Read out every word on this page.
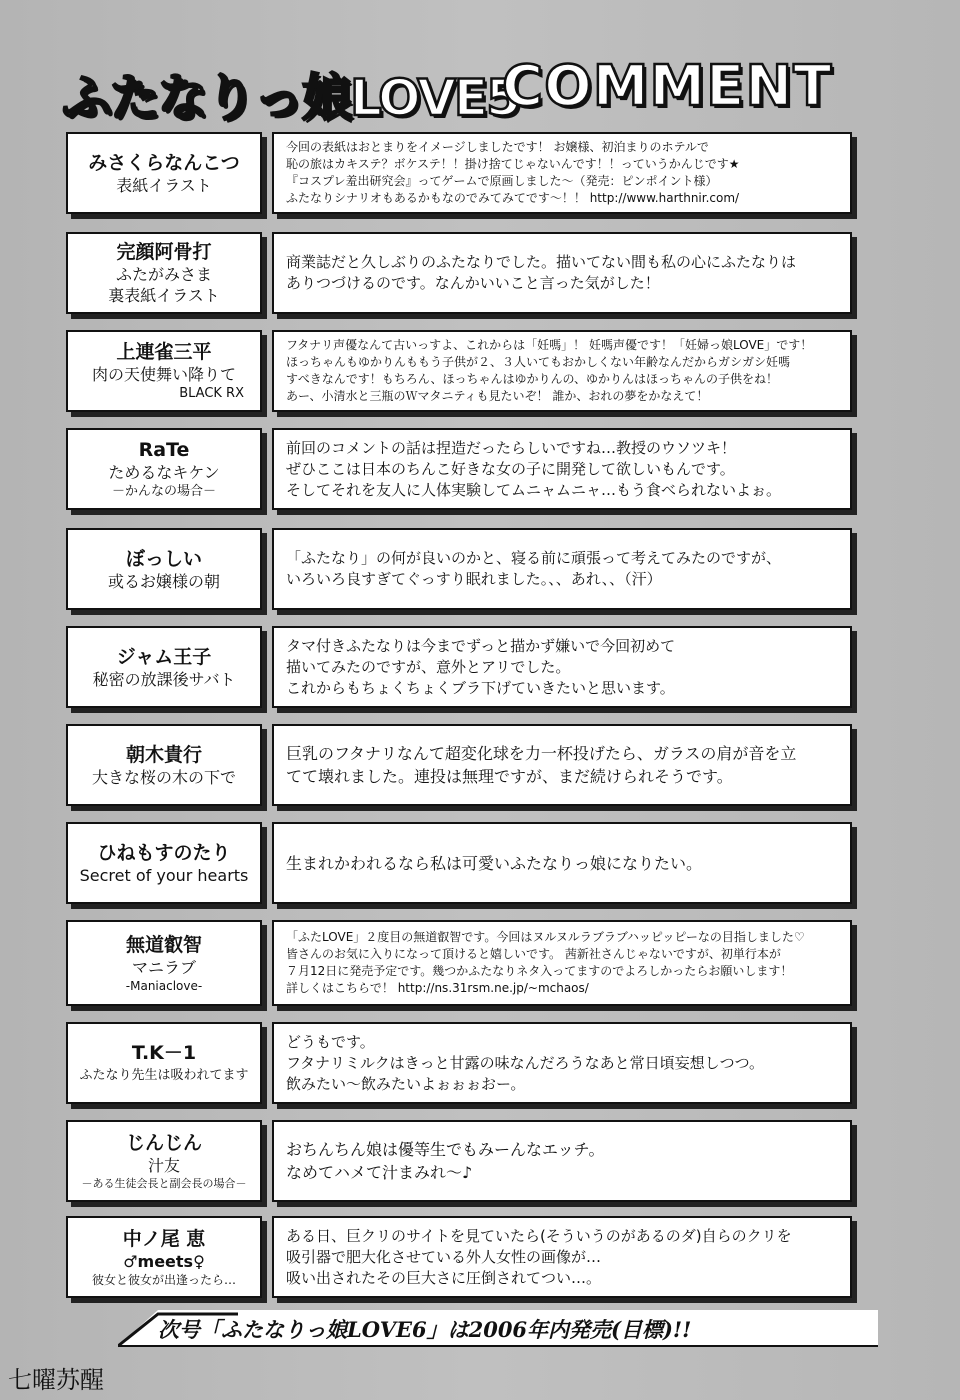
ふたなりっ娘LOVE5
COMMENT
みさくらなんこつ
表紙イラスト
今回の表紙はおとまりをイメージしましたです！ お嬢様、初泊まりのホテルで
恥の旅はカキステ？ボケステ！！掛け捨てじゃないんです！！っていうかんじです★
『コスプレ羞出研究会』ってゲームで原画しました～（発売：ピンポイント様）
ふたなりシナリオもあるかもなのでみてみてです～！！ http://www.harthnir.com/
完顔阿骨打
ふたがみさま
裏表紙イラスト
商業誌だと久しぶりのふたなりでした。描いてない間も私の心にふたなりは
ありつづけるのです。なんかいいこと言った気がした！
上連雀三平
肉の天使舞い降りて
BLACK RX
フタナリ声優なんて古いっすよ、これからは「妊嗎」！ 妊嗎声優です！「妊婦っ娘LOVE」です！
ほっちゃんもゆかりんももう子供が２、３人いてもおかしくない年齢なんだからガシガシ妊嗎
すべきなんです！もちろん、ほっちゃんはゆかりんの、ゆかりんはほっちゃんの子供をね！
あー、小清水と三瓶のＷマタニティも見たいぞ！ 誰か、おれの夢をかなえて！
RaTe
ためるなキケン
－かんなの場合－
前回のコメントの話は捏造だったらしいですね…教授のウソツキ！
ぜひここは日本のちんこ好きな女の子に開発して欲しいもんです。
そしてそれを友人に人体実験してムニャムニャ…もう食べられないよぉ。
ぼっしい
或るお嬢様の朝
「ふたなり」の何が良いのかと、寝る前に頑張って考えてみたのですが、
いろいろ良すぎてぐっすり眠れました。、、あれ、、（汗）
ジャム王子
秘密の放課後サバト
タマ付きふたなりは今までずっと描かず嫌いで今回初めて
描いてみたのですが、意外とアリでした。
これからもちょくちょくブラ下げていきたいと思います。
朝木貴行
大きな桜の木の下で
巨乳のフタナリなんて超変化球を力一杯投げたら、ガラスの肩が音を立
てて壊れました。連投は無理ですが、まだ続けられそうです。
ひねもすのたり
Secret of your hearts
生まれかわれるなら私は可愛いふたなりっ娘になりたい。
無道叡智
マニラブ
-Maniaclove-
「ふたLOVE」２度目の無道叡智です。今回はヌルヌルラブラブハッピッピーなの目指しました♡
皆さんのお気に入りになって頂けると嬉しいです。 茜新社さんじゃないですが、初単行本が
７月12日に発売予定です。幾つかふたなりネタ入ってますのでよろしかったらお願いします！
詳しくはこちらで！ http://ns.31rsm.ne.jp/~mchaos/
T.K－1
ふたなり先生は吸われてます
どうもです。
フタナリミルクはきっと甘露の味なんだろうなあと常日頃妄想しつつ。
飲みたい～飲みたいよぉぉぉおー。
じんじん
汁友
－ある生徒会長と副会長の場合－
おちんちん娘は優等生でもみーんなエッチ。
なめてハメて汁まみれ～♪
中ノ尾 恵
♂meets♀
彼女と彼女が出逢ったら…
ある日、巨クリのサイトを見ていたら(そういうのがあるのダ)自らのクリを
吸引器で肥大化させている外人女性の画像が…
吸い出されたその巨大さに圧倒されてつい…。
次号「ふたなりっ娘LOVE6」は2006年内発売(目標)!!
七曜苏醒
